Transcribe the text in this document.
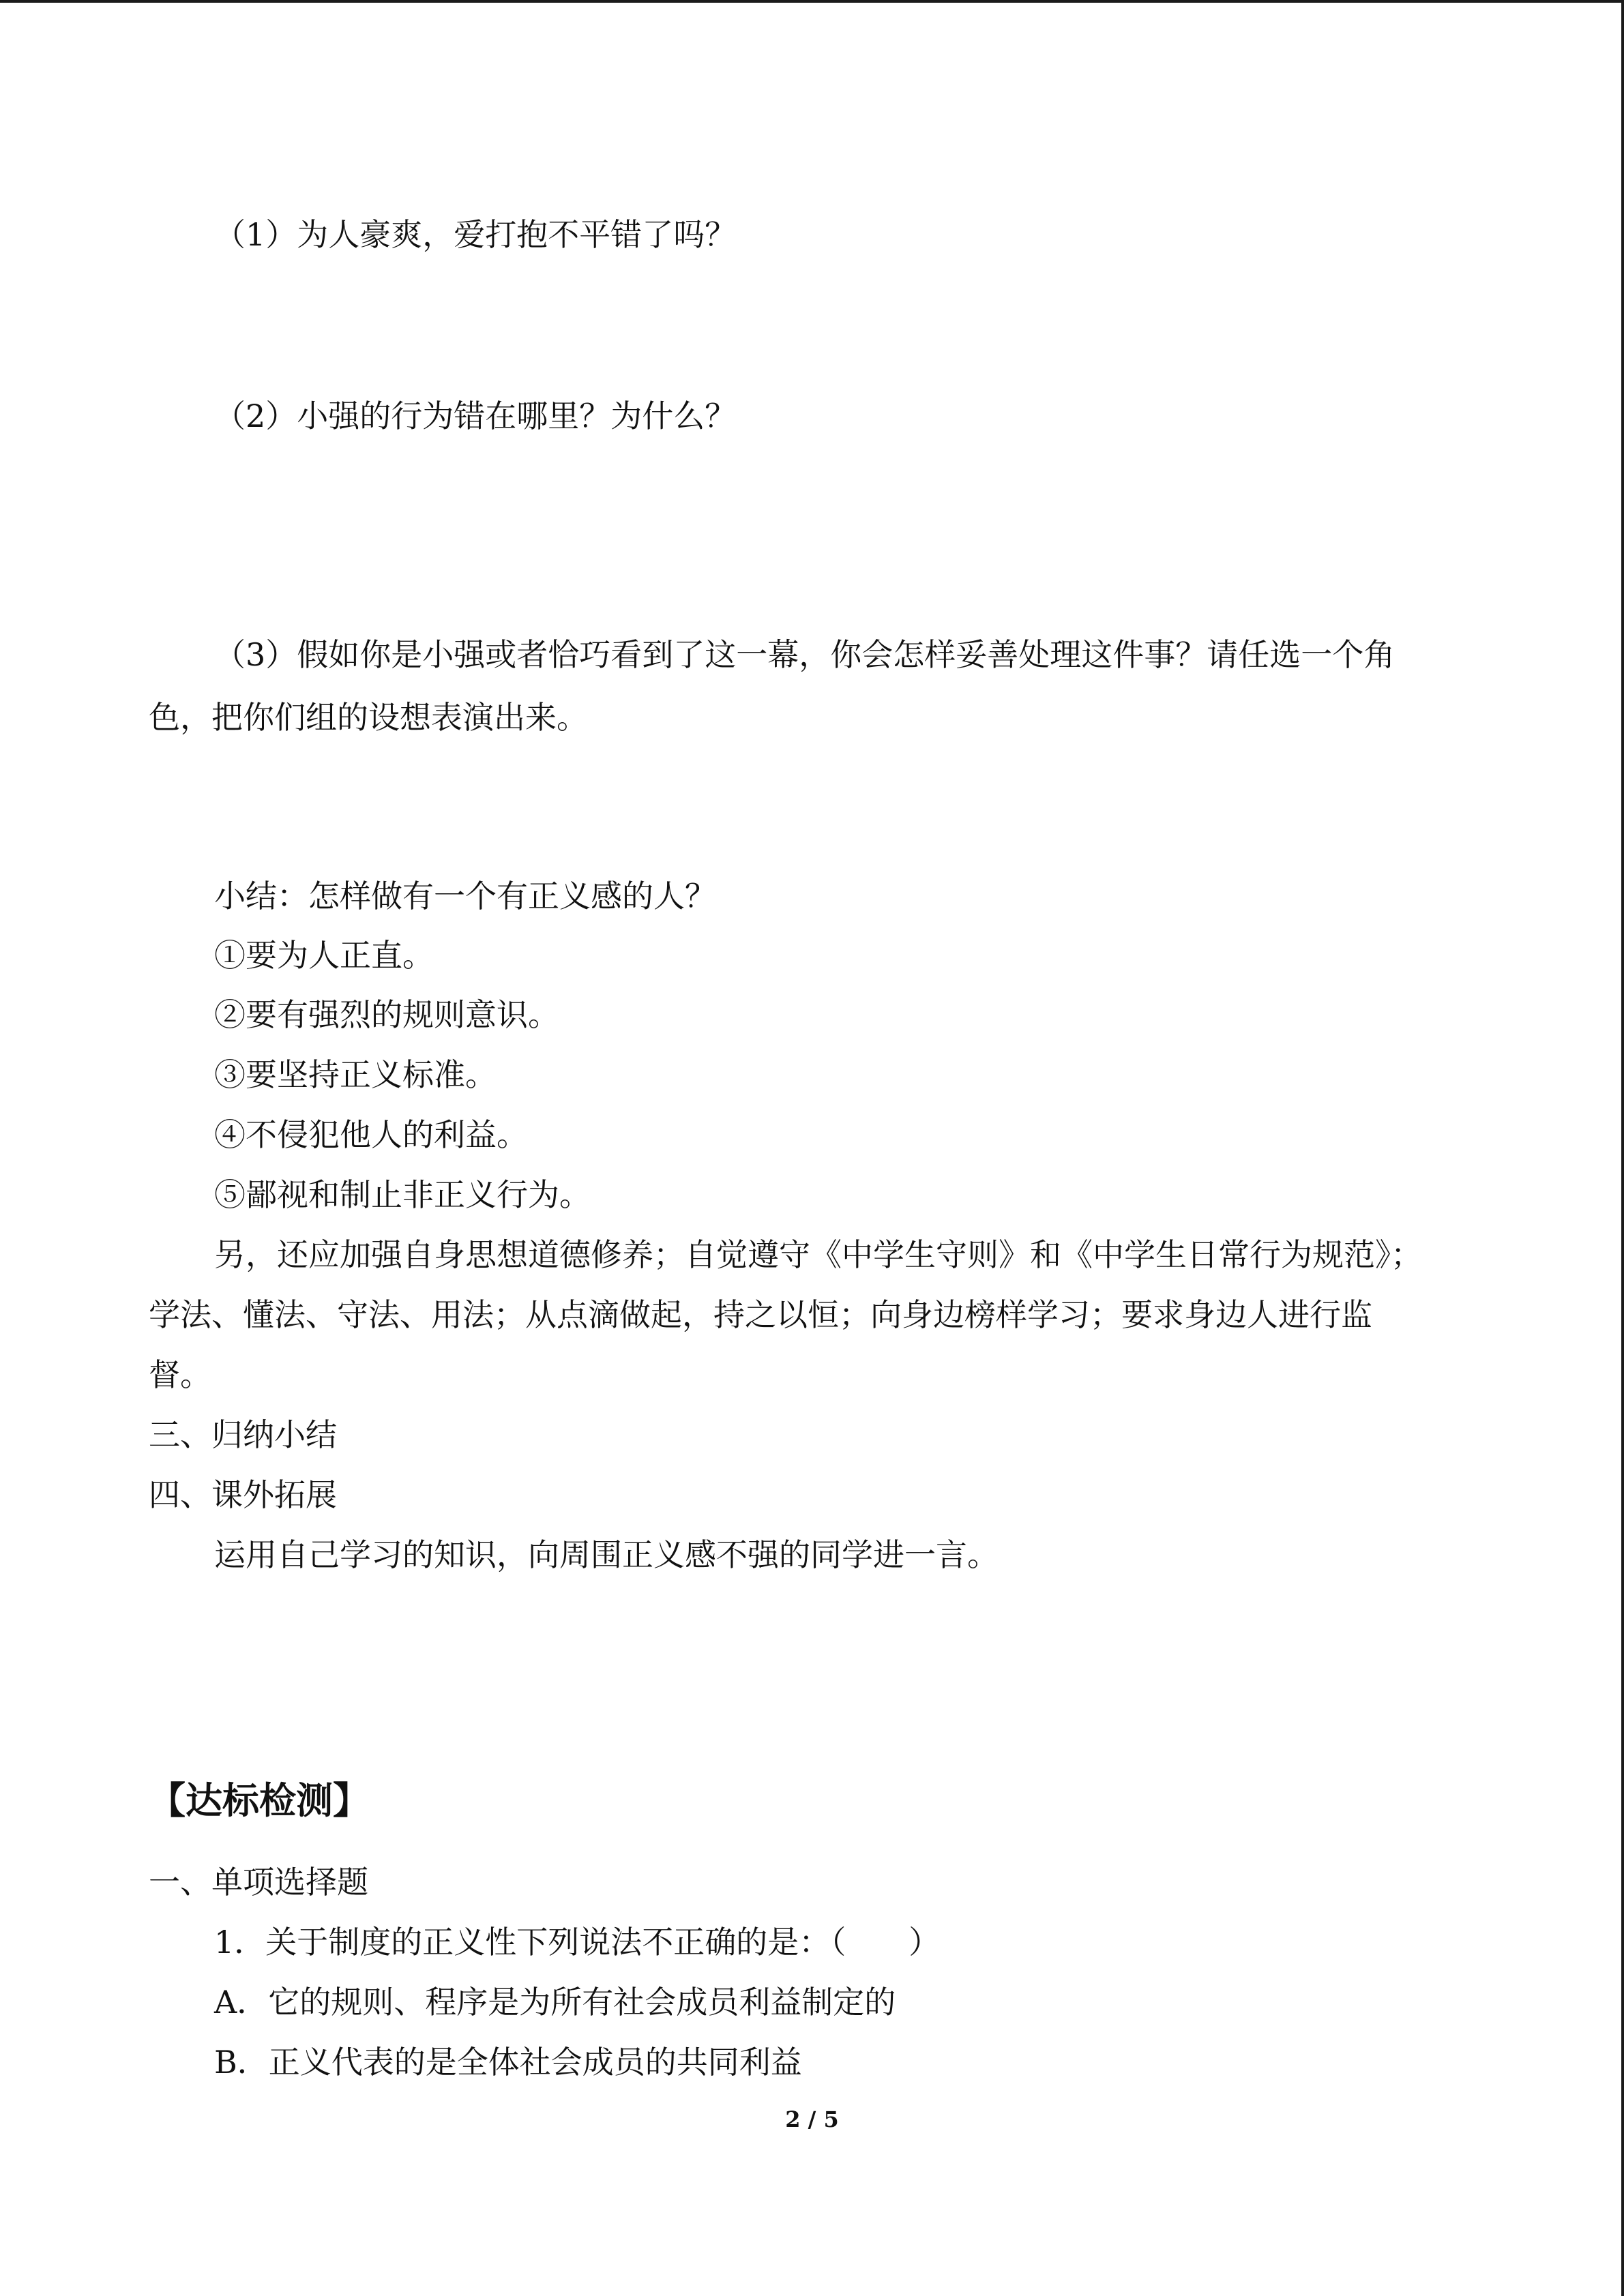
（1）为人豪爽，爱打抱不平错了吗？
（2）小强的行为错在哪里？为什么？
（3）假如你是小强或者恰巧看到了这一幕，你会怎样妥善处理这件事？请任选一个角
色，把你们组的设想表演出来。
小结：怎样做有一个有正义感的人？
①要为人正直。
②要有强烈的规则意识。
③要坚持正义标准。
④不侵犯他人的利益。
⑤鄙视和制止非正义行为。
另，还应加强自身思想道德修养；自觉遵守《中学生守则》和《中学生日常行为规范》；
学法、懂法、守法、用法；从点滴做起，持之以恒；向身边榜样学习；要求身边人进行监
督。
三、归纳小结
四、课外拓展
运用自己学习的知识，向周围正义感不强的同学进一言。
【达标检测】
一、单项选择题
1．关于制度的正义性下列说法不正确的是：（　　）
A．它的规则、程序是为所有社会成员利益制定的
B．正义代表的是全体社会成员的共同利益
2 / 5
